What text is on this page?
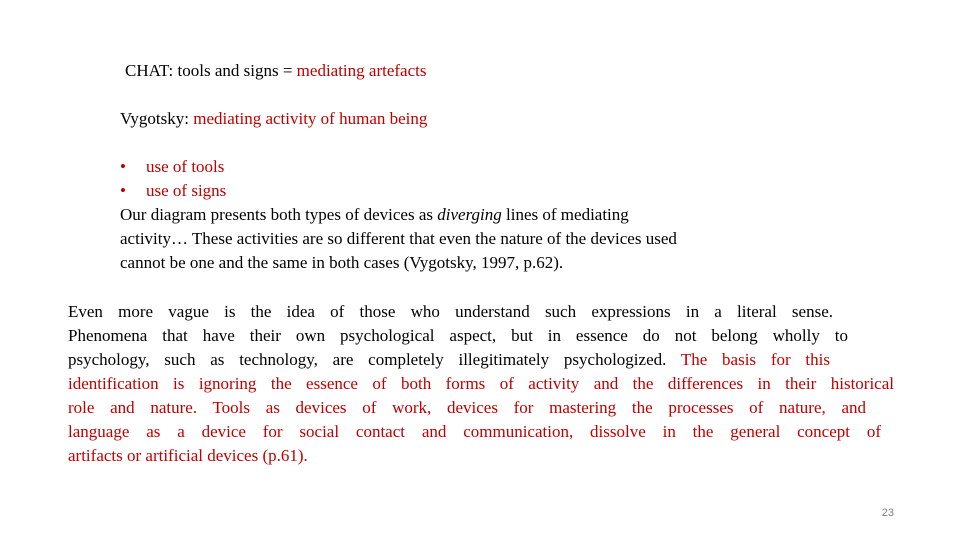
CHAT: tools and signs = mediating artefacts
Vygotsky: mediating activity of human being
• use of tools
• use of signs
Our diagram presents both types of devices as diverging lines of mediating
activity… These activities are so different that even the nature of the devices used
cannot be one and the same in both cases (Vygotsky, 1997, p.62).
Even more vague is the idea of those who understand such expressions in a literal sense.
Phenomena that have their own psychological aspect, but in essence do not belong wholly to
psychology, such as technology, are completely illegitimately psychologized. The basis for this
identification is ignoring the essence of both forms of activity and the differences in their historical
role and nature. Tools as devices of work, devices for mastering the processes of nature, and
language as a device for social contact and communication, dissolve in the general concept of
artifacts or artificial devices (p.61).
23
